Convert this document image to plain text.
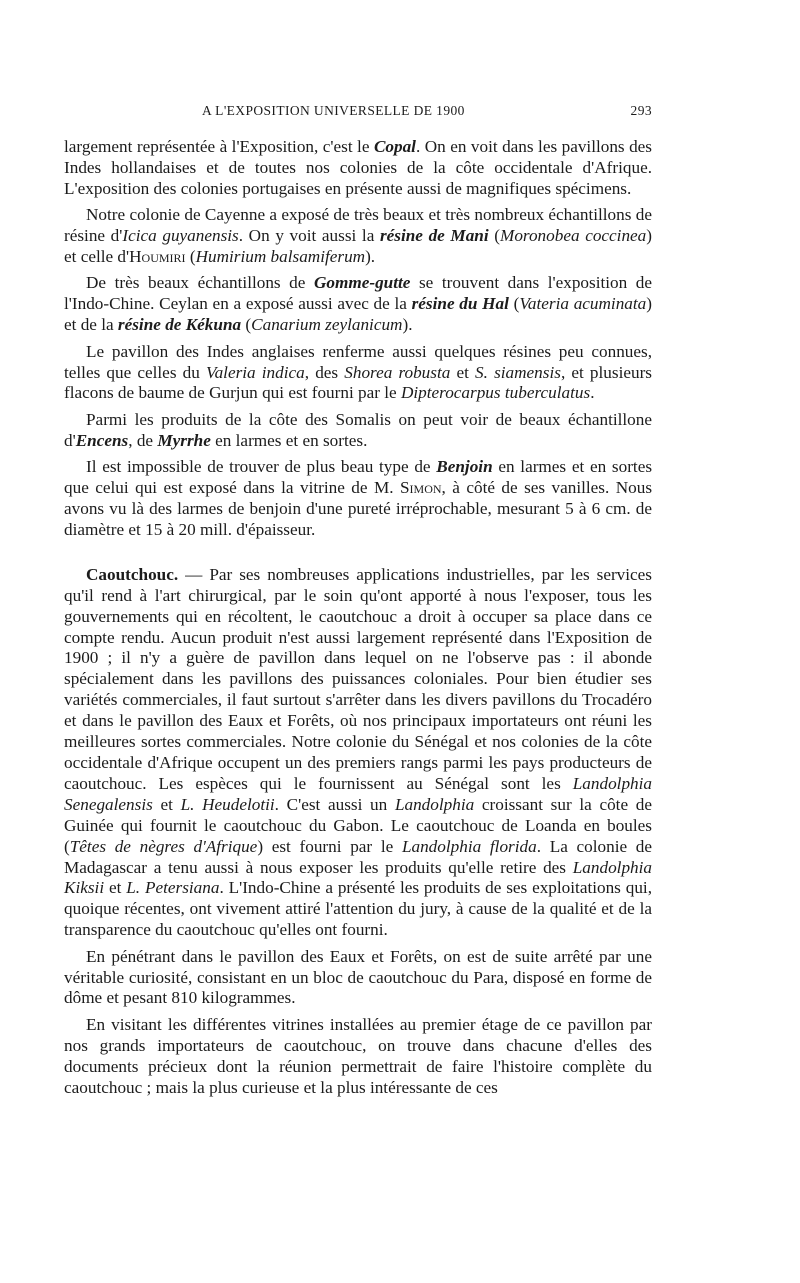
A L'EXPOSITION UNIVERSELLE DE 1900	293

largement représentée à l'Exposition, c'est le Copal. On en voit dans les pavillons des Indes hollandaises et de toutes nos colonies de la côte occidentale d'Afrique. L'exposition des colonies portugaises en présente aussi de magnifiques spécimens.

Notre colonie de Cayenne a exposé de très beaux et très nombreux échantillons de résine d'Icica guyanensis. On y voit aussi la résine de Mani (Moronobea coccinea) et celle d'Houmiri (Humirium balsamiferum).

De très beaux échantillons de Gomme-gutte se trouvent dans l'exposition de l'Indo-Chine. Ceylan en a exposé aussi avec de la résine du Hal (Vateria acuminata) et de la résine de Kékuna (Canarium zeylanicum).

Le pavillon des Indes anglaises renferme aussi quelques résines peu connues, telles que celles du Valeria indica, des Shorea robusta et S. siamensis, et plusieurs flacons de baume de Gurjun qui est fourni par le Dipterocarpus tuberculatus.

Parmi les produits de la côte des Somalis on peut voir de beaux échantillone d'Encens, de Myrrhe en larmes et en sortes.

Il est impossible de trouver de plus beau type de Benjoin en larmes et en sortes que celui qui est exposé dans la vitrine de M. Simon, à côté de ses vanilles. Nous avons vu là des larmes de benjoin d'une pureté irréprochable, mesurant 5 à 6 cm. de diamètre et 15 à 20 mill. d'épaisseur.

Caoutchouc. — Par ses nombreuses applications industrielles, par les services qu'il rend à l'art chirurgical, par le soin qu'ont apporté à nous l'exposer, tous les gouvernements qui en récoltent, le caoutchouc a droit à occuper sa place dans ce compte rendu. Aucun produit n'est aussi largement représenté dans l'Exposition de 1900 ; il n'y a guère de pavillon dans lequel on ne l'observe pas : il abonde spécialement dans les pavillons des puissances coloniales. Pour bien étudier ses variétés commerciales, il faut surtout s'arrêter dans les divers pavillons du Trocadéro et dans le pavillon des Eaux et Forêts, où nos principaux importateurs ont réuni les meilleures sortes commerciales. Notre colonie du Sénégal et nos colonies de la côte occidentale d'Afrique occupent un des premiers rangs parmi les pays producteurs de caoutchouc. Les espèces qui le fournissent au Sénégal sont les Landolphia Senegalensis et L. Heudelotii. C'est aussi un Landolphia croissant sur la côte de Guinée qui fournit le caoutchouc du Gabon. Le caoutchouc de Loanda en boules (Têtes de nègres d'Afrique) est fourni par le Landolphia florida. La colonie de Madagascar a tenu aussi à nous exposer les produits qu'elle retire des Landolphia Kiksii et L. Petersiana. L'Indo-Chine a présenté les produits de ses exploitations qui, quoique récentes, ont vivement attiré l'attention du jury, à cause de la qualité et de la transparence du caoutchouc qu'elles ont fourni.

En pénétrant dans le pavillon des Eaux et Forêts, on est de suite arrêté par une véritable curiosité, consistant en un bloc de caoutchouc du Para, disposé en forme de dôme et pesant 810 kilogrammes.

En visitant les différentes vitrines installées au premier étage de ce pavillon par nos grands importateurs de caoutchouc, on trouve dans chacune d'elles des documents précieux dont la réunion permettrait de faire l'histoire complète du caoutchouc ; mais la plus curieuse et la plus intéressante de ces
